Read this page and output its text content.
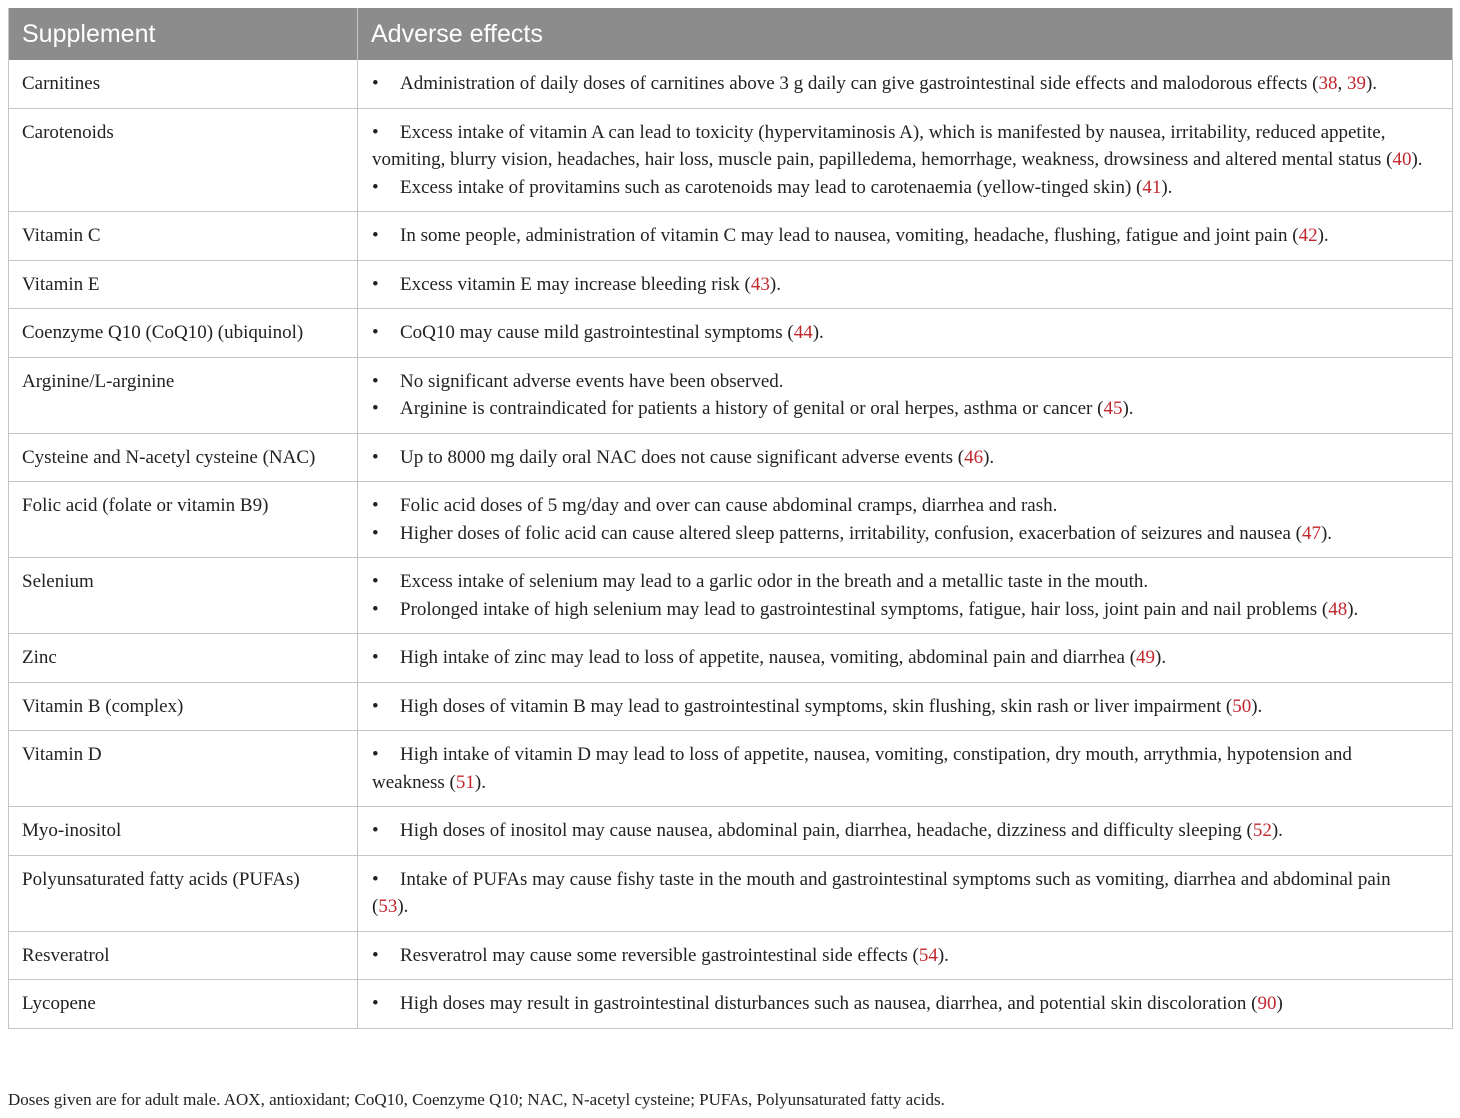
Supplement	Adverse effects
Carnitines	• Administration of daily doses of carnitines above 3 g daily can give gastrointestinal side effects and malodorous effects (38, 39).

Carotenoids	• Excess intake of vitamin A can lead to toxicity (hypervitaminosis A), which is manifested by nausea, irritability, reduced appetite, vomiting, blurry vision, headaches, hair loss, muscle pain, papilledema, hemorrhage, weakness, drowsiness and altered mental status (40).

• Excess intake of provitamins such as carotenoids may lead to carotenaemia (yellow-tinged skin) (41).

Vitamin C	• In some people, administration of vitamin C may lead to nausea, vomiting, headache, flushing, fatigue and joint pain (42).

Vitamin E	• Excess vitamin E may increase bleeding risk (43).

Coenzyme Q10 (CoQ10) (ubiquinol)	• CoQ10 may cause mild gastrointestinal symptoms (44).

Arginine/L-arginine	• No significant adverse events have been observed.

• Arginine is contraindicated for patients a history of genital or oral herpes, asthma or cancer (45).

Cysteine and N-acetyl cysteine (NAC)	• Up to 8000 mg daily oral NAC does not cause significant adverse events (46).

Folic acid (folate or vitamin B9)	• Folic acid doses of 5 mg/day and over can cause abdominal cramps, diarrhea and rash.

• Higher doses of folic acid can cause altered sleep patterns, irritability, confusion, exacerbation of seizures and nausea (47).

Selenium	• Excess intake of selenium may lead to a garlic odor in the breath and a metallic taste in the mouth.

• Prolonged intake of high selenium may lead to gastrointestinal symptoms, fatigue, hair loss, joint pain and nail problems (48).

Zinc	• High intake of zinc may lead to loss of appetite, nausea, vomiting, abdominal pain and diarrhea (49).

Vitamin B (complex)	• High doses of vitamin B may lead to gastrointestinal symptoms, skin flushing, skin rash or liver impairment (50).

Vitamin D	• High intake of vitamin D may lead to loss of appetite, nausea, vomiting, constipation, dry mouth, arrythmia, hypotension and weakness (51).

Myo-inositol	• High doses of inositol may cause nausea, abdominal pain, diarrhea, headache, dizziness and difficulty sleeping (52).

Polyunsaturated fatty acids (PUFAs)	• Intake of PUFAs may cause fishy taste in the mouth and gastrointestinal symptoms such as vomiting, diarrhea and abdominal pain (53).

Resveratrol	• Resveratrol may cause some reversible gastrointestinal side effects (54).

Lycopene	• High doses may result in gastrointestinal disturbances such as nausea, diarrhea, and potential skin discoloration (90)

Doses given are for adult male. AOX, antioxidant; CoQ10, Coenzyme Q10; NAC, N-acetyl cysteine; PUFAs, Polyunsaturated fatty acids.
